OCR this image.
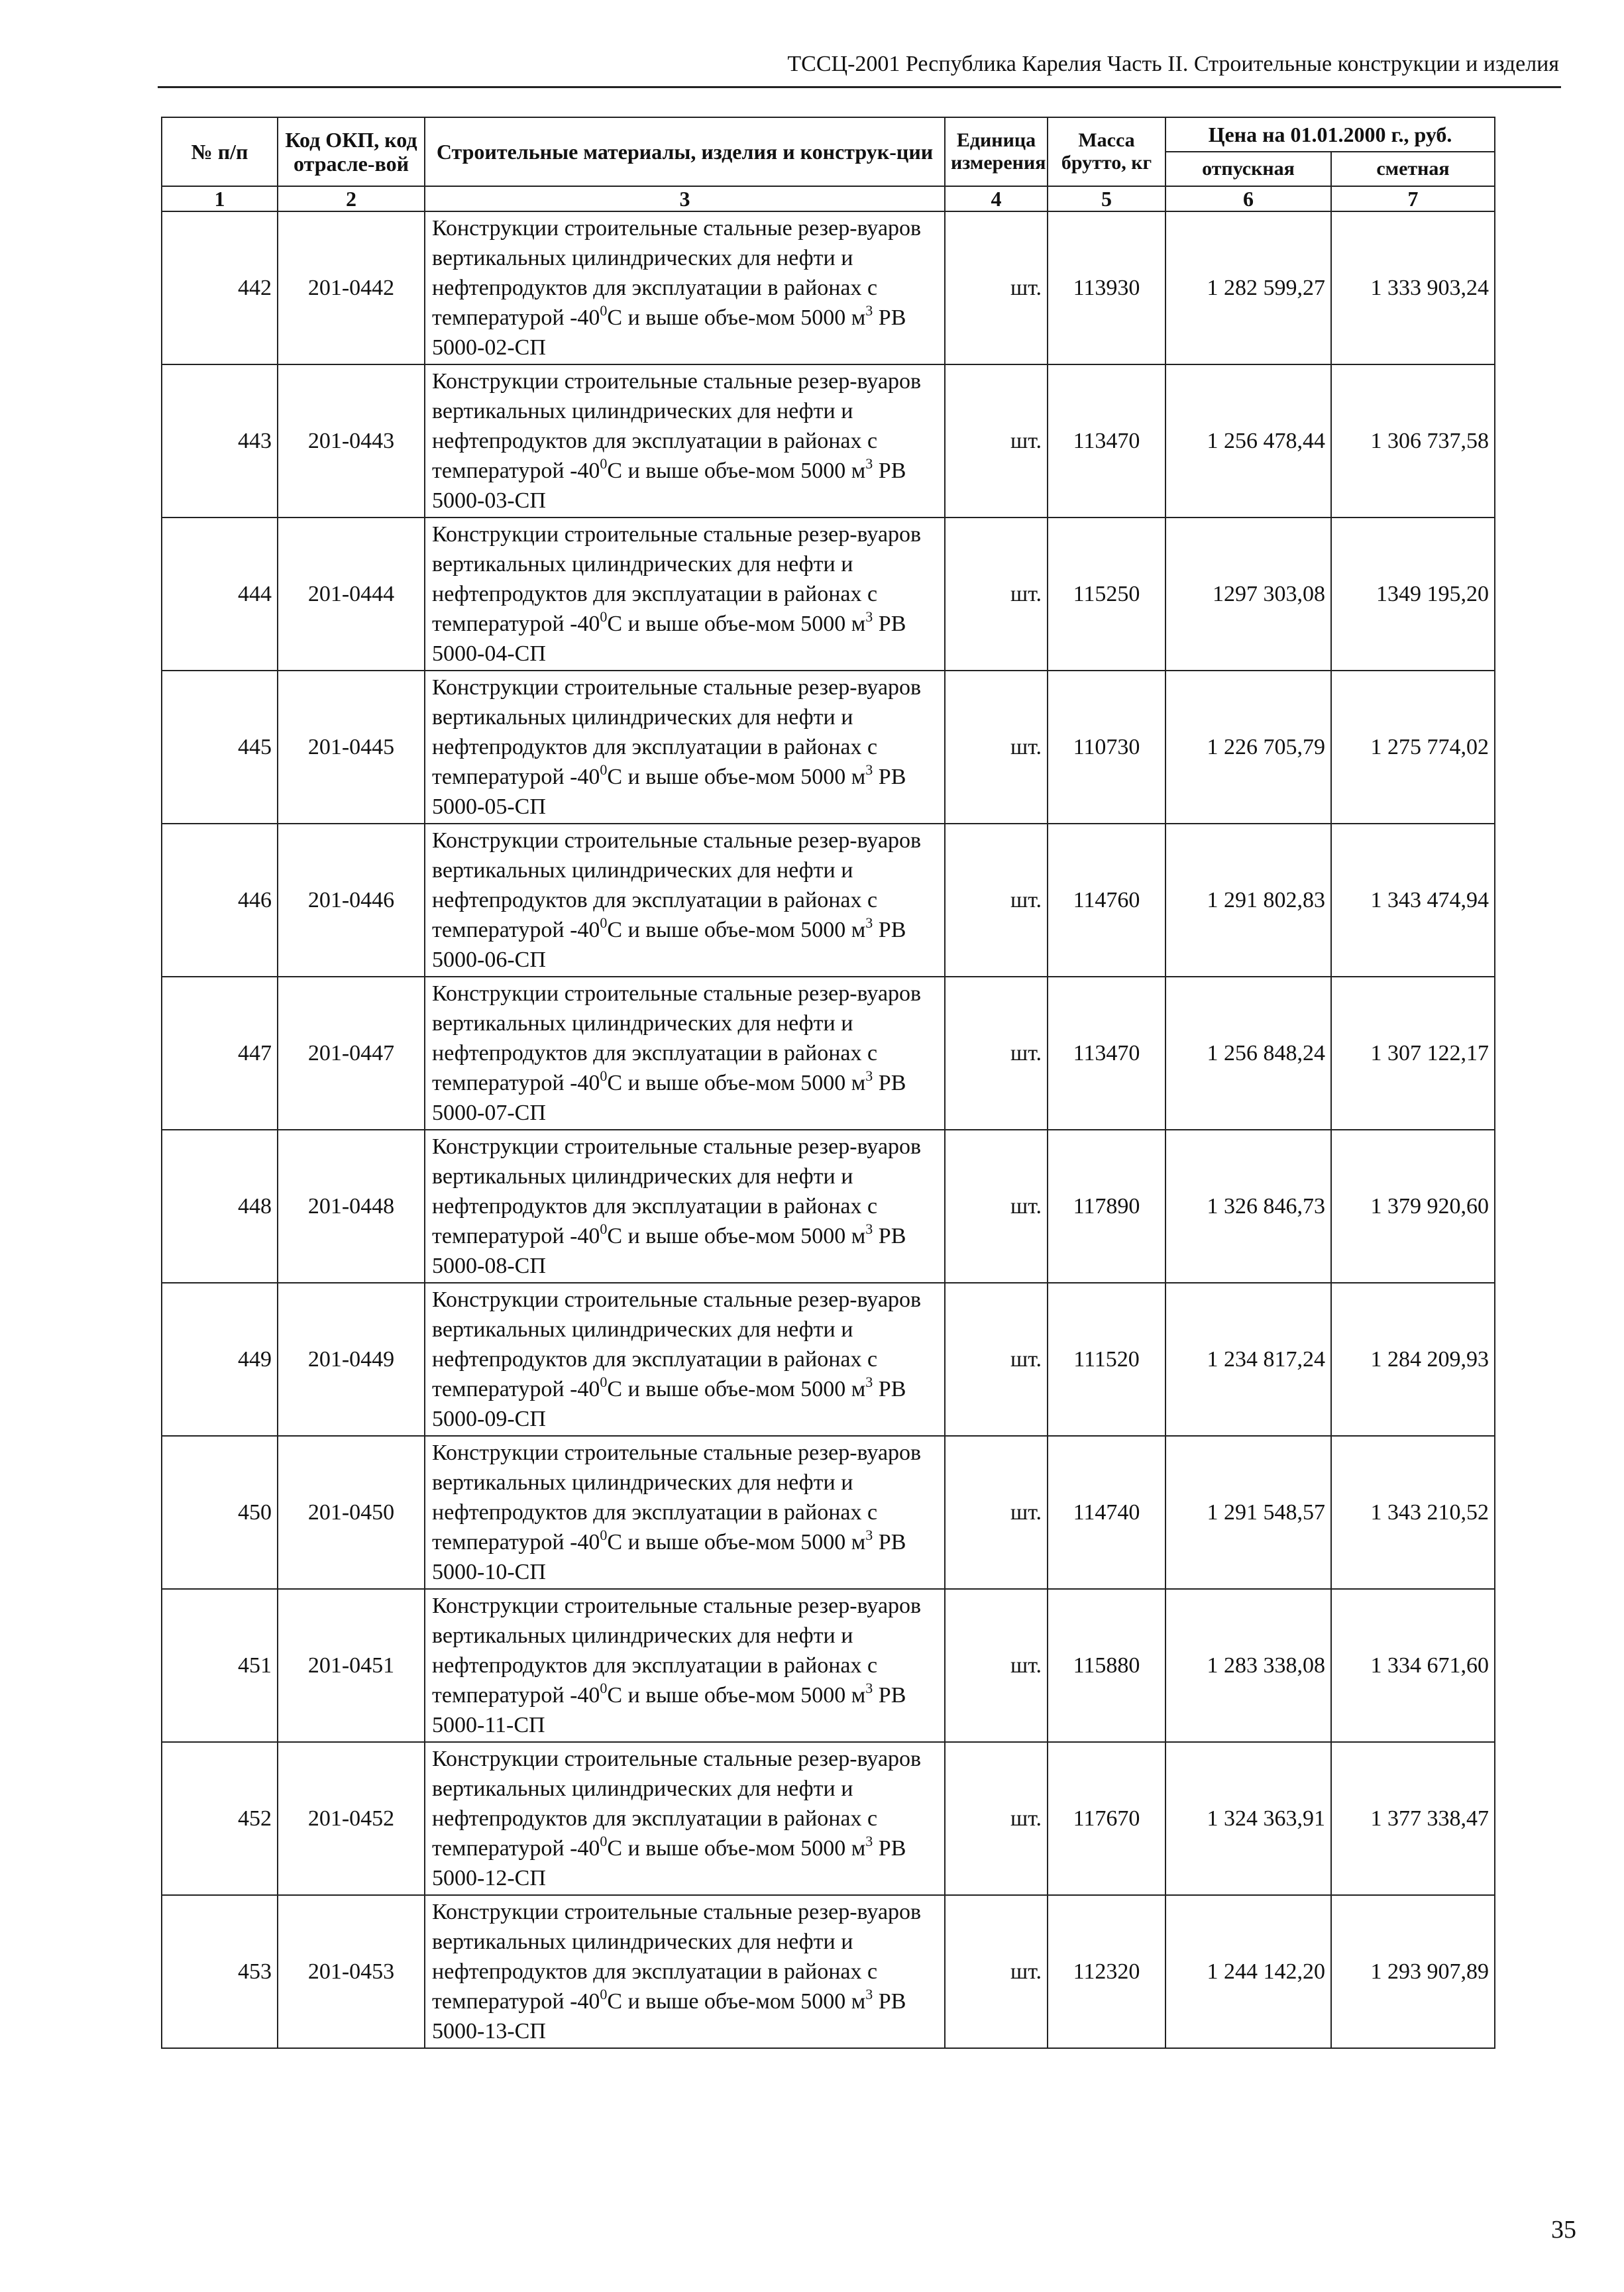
ТССЦ-2001 Республика Карелия Часть II. Строительные конструкции и изделия
№ п/п	Код ОКП, код отрасле-вой	Строительные материалы, изделия и конструк-ции	Единица измерения	Масса брутто, кг	Цена на 01.01.2000 г., руб.	
					отпускная	сметная
1	2	3	4	5	6	7
442	201-0442	Конструкции строительные стальные резер-вуаров вертикальных цилиндрических для нефти и нефтепродуктов для эксплуатации в районах с температурой $-40^0С$ и выше объе-мом 5000 $м^3$ РВ 5000-02-СП	шт.	113930	1 282 599,27	1 333 903,24
443	201-0443	Конструкции строительные стальные резер-вуаров вертикальных цилиндрических для нефти и нефтепродуктов для эксплуатации в районах с температурой $-40^0С$ и выше объе-мом 5000 $м^3$ РВ 5000-03-СП	шт.	113470	1 256 478,44	1 306 737,58
444	201-0444	Конструкции строительные стальные резер-вуаров вертикальных цилиндрических для нефти и нефтепродуктов для эксплуатации в районах с температурой $-40^0С$ и выше объе-мом 5000 $м^3$ РВ 5000-04-СП	шт.	115250	1297 303,08	1349 195,20
445	201-0445	Конструкции строительные стальные резер-вуаров вертикальных цилиндрических для нефти и нефтепродуктов для эксплуатации в районах с температурой $-40^0С$ и выше объе-мом 5000 $м^3$ РВ 5000-05-СП	шт.	110730	1 226 705,79	1 275 774,02
446	201-0446	Конструкции строительные стальные резер-вуаров вертикальных цилиндрических для нефти и нефтепродуктов для эксплуатации в районах с температурой $-40^0С$ и выше объе-мом 5000 $м^3$ РВ 5000-06-СП	шт.	114760	1 291 802,83	1 343 474,94
447	201-0447	Конструкции строительные стальные резер-вуаров вертикальных цилиндрических для нефти и нефтепродуктов для эксплуатации в районах с температурой $-40^0С$ и выше объе-мом 5000 $м^3$ РВ 5000-07-СП	шт.	113470	1 256 848,24	1 307 122,17
448	201-0448	Конструкции строительные стальные резер-вуаров вертикальных цилиндрических для нефти и нефтепродуктов для эксплуатации в районах с температурой $-40^0С$ и выше объе-мом 5000 $м^3$ РВ 5000-08-СП	шт.	117890	1 326 846,73	1 379 920,60
449	201-0449	Конструкции строительные стальные резер-вуаров вертикальных цилиндрических для нефти и нефтепродуктов для эксплуатации в районах с температурой $-40^0С$ и выше объе-мом 5000 $м^3$ РВ 5000-09-СП	шт.	111520	1 234 817,24	1 284 209,93
450	201-0450	Конструкции строительные стальные резер-вуаров вертикальных цилиндрических для нефти и нефтепродуктов для эксплуатации в районах с температурой $-40^0С$ и выше объе-мом 5000 $м^3$ РВ 5000-10-СП	шт.	114740	1 291 548,57	1 343 210,52
451	201-0451	Конструкции строительные стальные резер-вуаров вертикальных цилиндрических для нефти и нефтепродуктов для эксплуатации в районах с температурой $-40^0С$ и выше объе-мом 5000 $м^3$ РВ 5000-11-СП	шт.	115880	1 283 338,08	1 334 671,60
452	201-0452	Конструкции строительные стальные резер-вуаров вертикальных цилиндрических для нефти и нефтепродуктов для эксплуатации в районах с температурой $-40^0С$ и выше объе-мом 5000 $м^3$ РВ 5000-12-СП	шт.	117670	1 324 363,91	1 377 338,47
453	201-0453	Конструкции строительные стальные резер-вуаров вертикальных цилиндрических для нефти и нефтепродуктов для эксплуатации в районах с температурой $-40^0С$ и выше объе-мом 5000 $м^3$ РВ 5000-13-СП	шт.	112320	1 244 142,20	1 293 907,89
35
